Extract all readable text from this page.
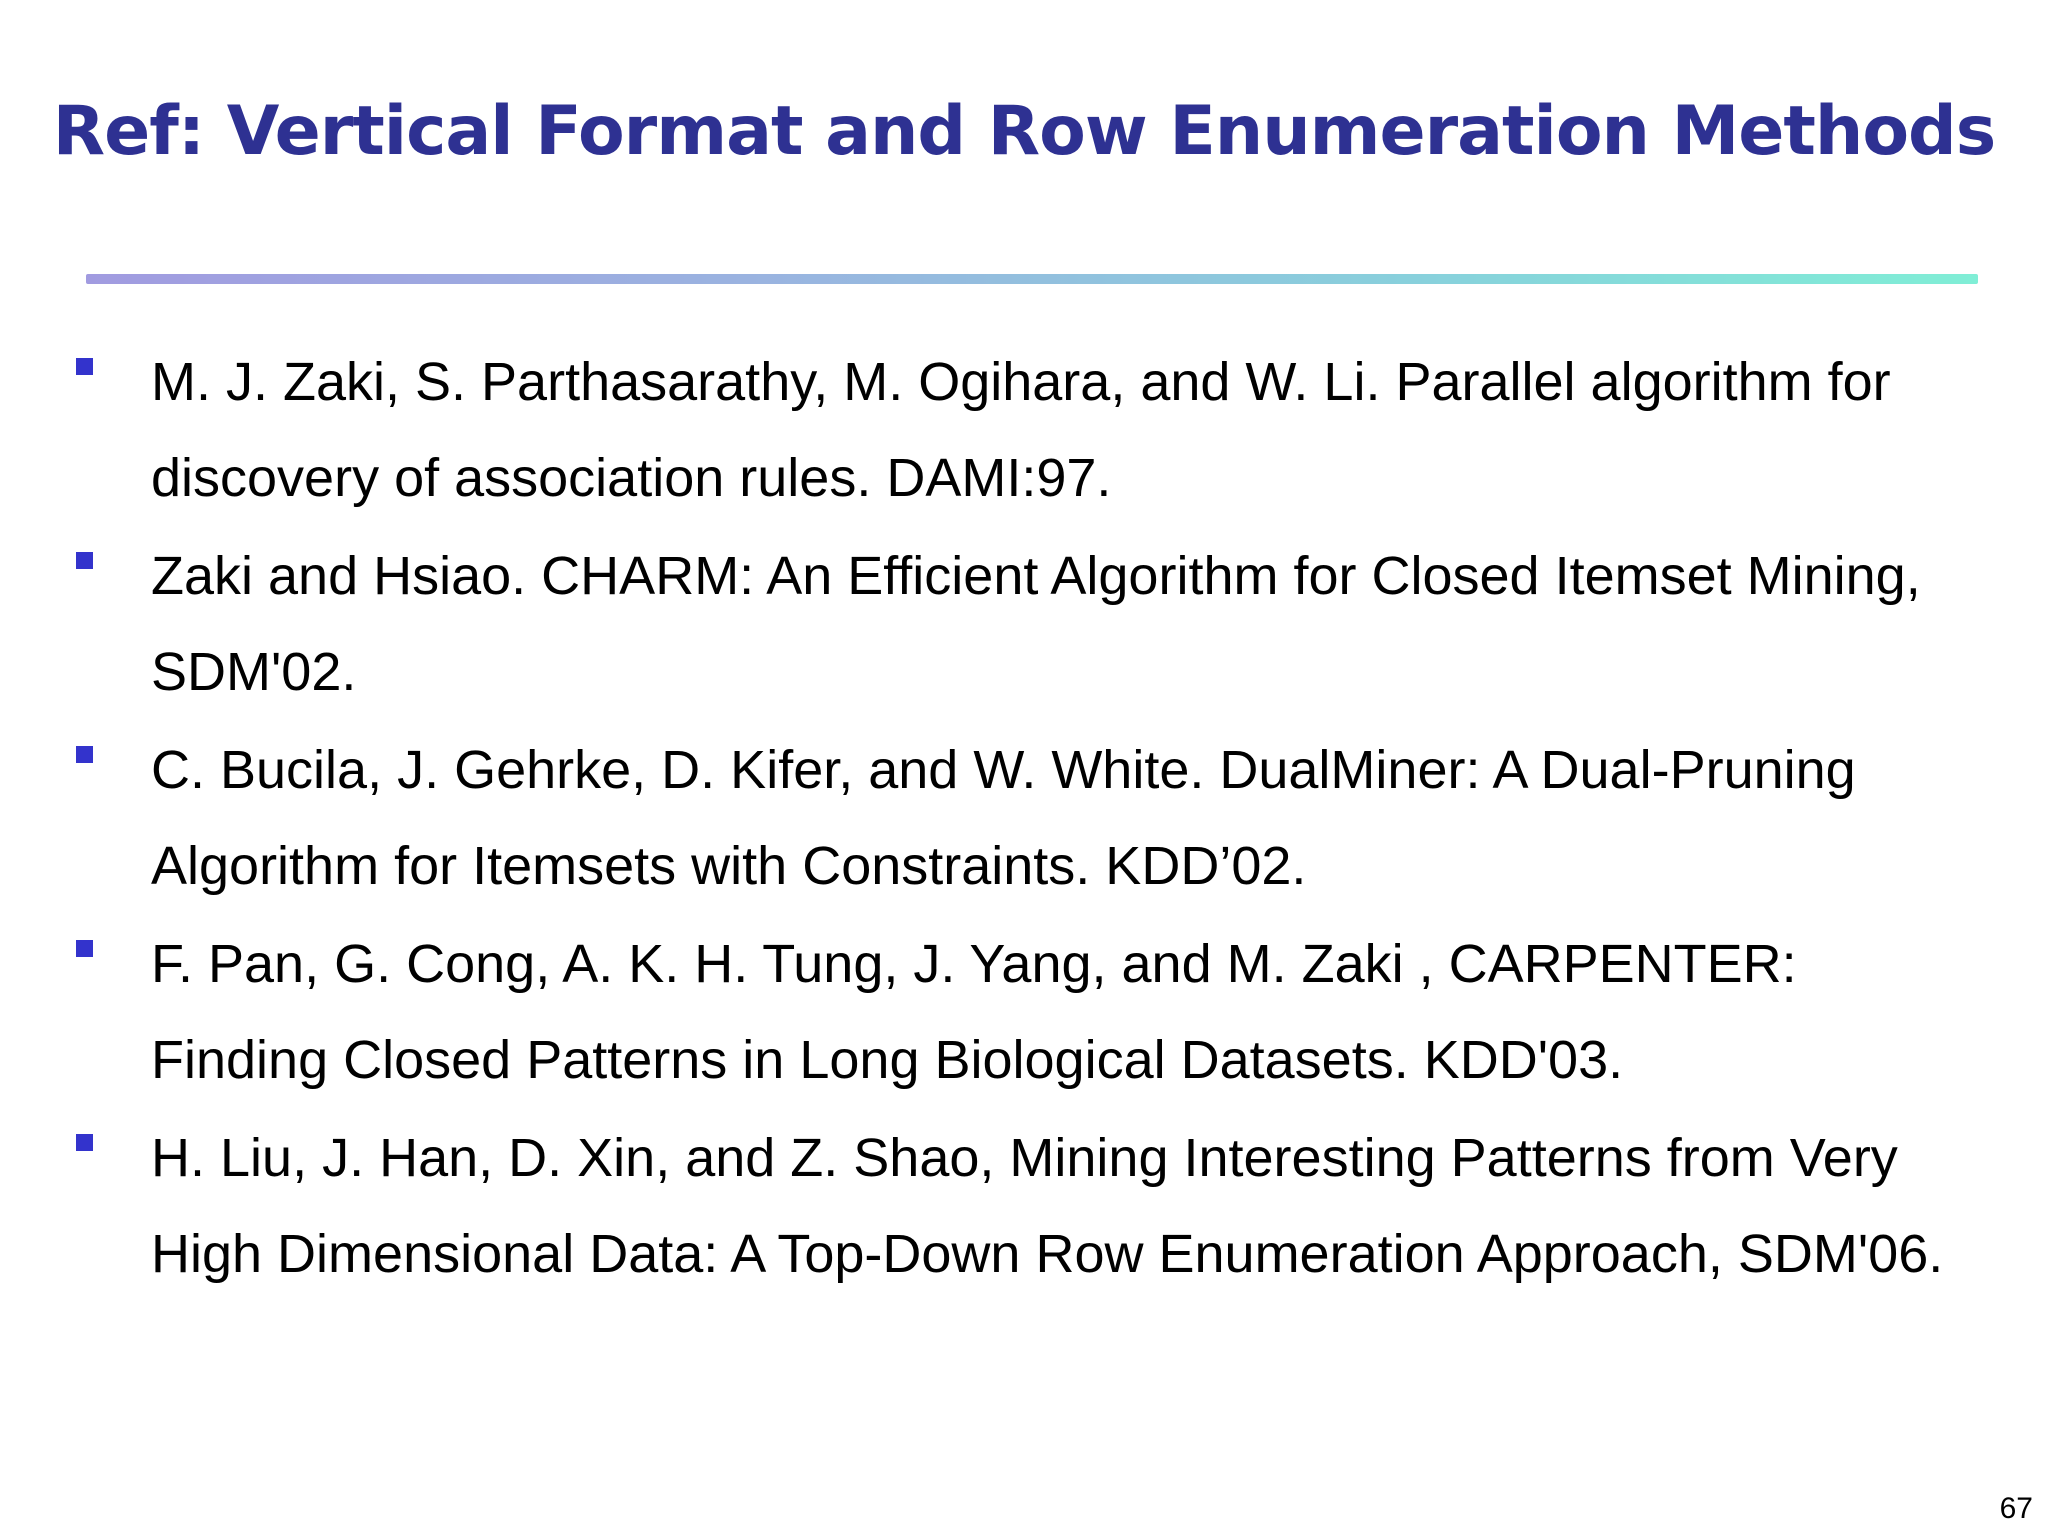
Ref: Vertical Format and Row Enumeration Methods
M. J. Zaki, S. Parthasarathy, M. Ogihara, and W. Li. Parallel algorithm for discovery of association rules. DAMI:97.
Zaki and Hsiao. CHARM: An Efficient Algorithm for Closed Itemset Mining, SDM'02.
C. Bucila, J. Gehrke, D. Kifer, and W. White. DualMiner: A Dual-Pruning Algorithm for Itemsets with Constraints. KDD’02.
F. Pan, G. Cong, A. K. H. Tung, J. Yang, and M. Zaki , CARPENTER: Finding Closed Patterns in Long Biological Datasets. KDD'03.
H. Liu, J. Han, D. Xin, and Z. Shao, Mining Interesting Patterns from Very High Dimensional Data: A Top-Down Row Enumeration Approach, SDM'06.
67
